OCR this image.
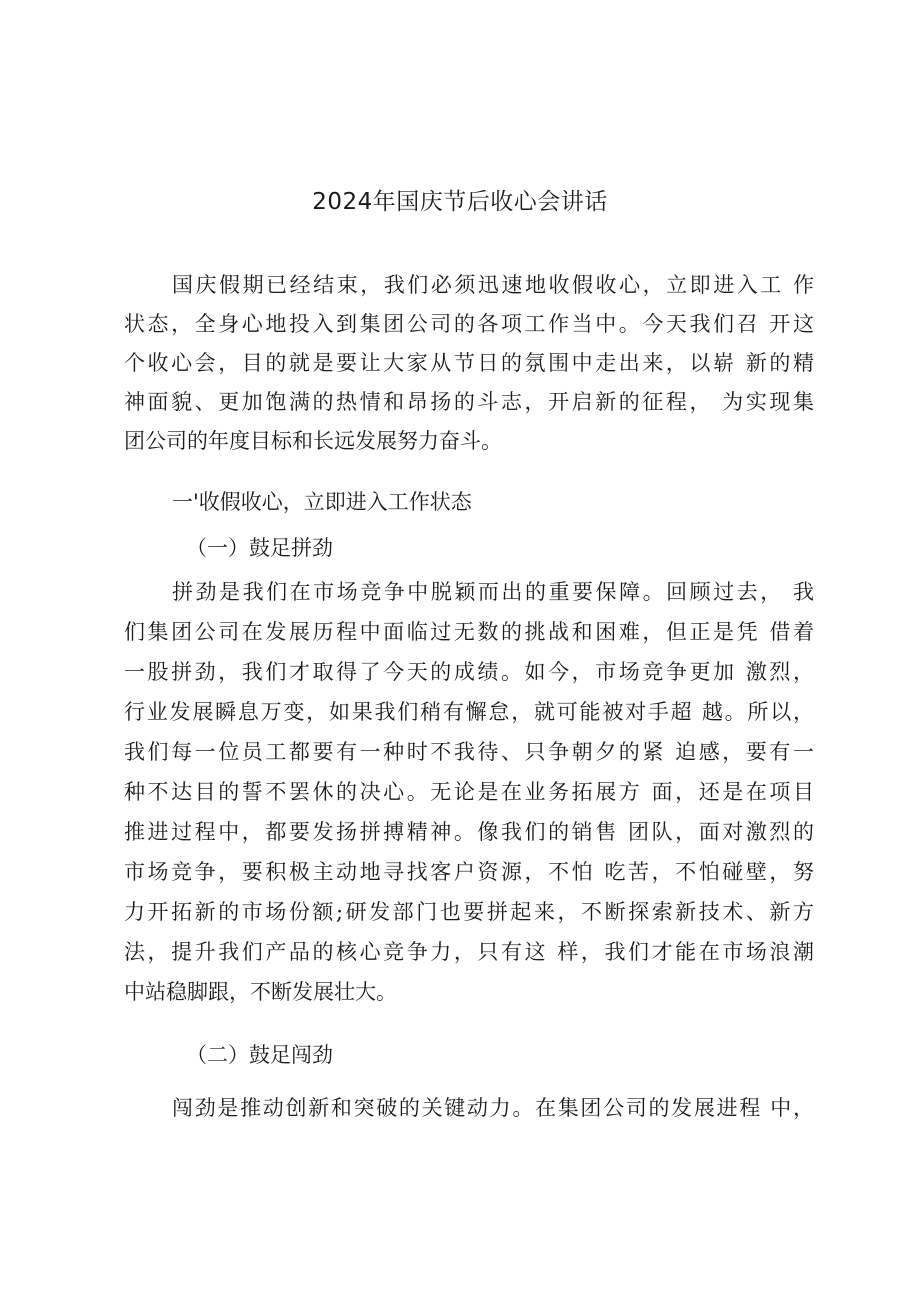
2024年国庆节后收心会讲话
国庆假期已经结束，我们必须迅速地收假收心，立即进入工 作
状态，全身心地投入到集团公司的各项工作当中。今天我们召 开这
个收心会，目的就是要让大家从节日的氛围中走出来，以崭 新的精
神面貌、更加饱满的热情和昂扬的斗志，开启新的征程， 为实现集
团公司的年度目标和长远发展努力奋斗。
一'收假收心，立即进入工作状态
（一）鼓足拼劲
拼劲是我们在市场竞争中脱颖而出的重要保障。回顾过去， 我
们集团公司在发展历程中面临过无数的挑战和困难，但正是凭 借着
一股拼劲，我们才取得了今天的成绩。如今，市场竞争更加 激烈，
行业发展瞬息万变，如果我们稍有懈怠，就可能被对手超 越。所以，
我们每一位员工都要有一种时不我待、只争朝夕的紧 迫感，要有一
种不达目的誓不罢休的决心。无论是在业务拓展方 面，还是在项目
推进过程中，都要发扬拼搏精神。像我们的销售 团队，面对激烈的
市场竞争，要积极主动地寻找客户资源，不怕 吃苦，不怕碰壁，努
力开拓新的市场份额;研发部门也要拼起来，不断探索新技术、新方
法，提升我们产品的核心竞争力，只有这 样，我们才能在市场浪潮
中站稳脚跟，不断发展壮大。
（二）鼓足闯劲
闯劲是推动创新和突破的关键动力。在集团公司的发展进程 中，
